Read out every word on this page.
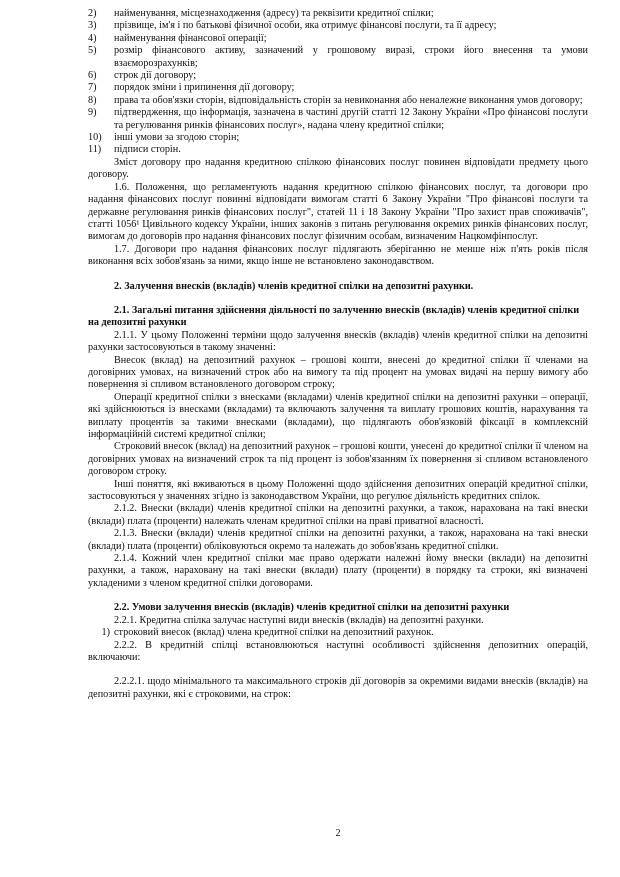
2)	найменування, місцезнаходження (адресу) та реквізити кредитної спілки;
3)	прізвище, ім'я і по батькові фізичної особи, яка отримує фінансові послуги, та її адресу;
4)	найменування фінансової операції;
5)	розмір фінансового активу, зазначений у грошовому виразі, строки його внесення та умови взаєморозрахунків;
6)	строк дії договору;
7)	порядок зміни і припинення дії договору;
8)	права та обов'язки сторін, відповідальність сторін за невиконання або неналежне виконання умов договору;
9)	підтвердження, що інформація, зазначена в частині другій статті 12 Закону України «Про фінансові послуги та регулювання ринків фінансових послуг», надана члену кредитної спілки;
10)	інші умови за згодою сторін;
11)	підписи сторін.

Зміст договору про надання кредитною спілкою фінансових послуг повинен відповідати предмету цього договору.

1.6. Положення, що регламентують надання кредитною спілкою фінансових послуг, та договори про надання фінансових послуг повинні відповідати вимогам статті 6 Закону України "Про фінансові послуги та державне регулювання ринків фінансових послуг", статей 11 і 18 Закону України "Про захист прав споживачів", статті 1056¹ Цивільного кодексу України, інших законів з питань регулювання окремих ринків фінансових послуг, вимогам до договорів про надання фінансових послуг фізичним особам, визначеним Нацкомфінпослуг.

1.7. Договори про надання фінансових послуг підлягають зберіганню не менше ніж п'ять років після виконання всіх зобов'язань за ними, якщо інше не встановлено законодавством.

2. Залучення внесків (вкладів) членів кредитної спілки на депозитні рахунки.
2.1. Загальні питання здійснення діяльності по залученню внесків (вкладів) членів кредитної спілки на депозитні рахунки

2.1.1. У цьому Положенні терміни щодо залучення внесків (вкладів) членів кредитної спілки на депозитні рахунки застосовуються в такому значенні:

Внесок (вклад) на депозитний рахунок – грошові кошти, внесені до кредитної спілки її членами на договірних умовах, на визначений строк або на вимогу та під процент на умовах видачі на першу вимогу або повернення зі спливом встановленого договором строку;

Операції кредитної спілки з внесками (вкладами) членів кредитної спілки на депозитні рахунки – операції, які здійснюються із внесками (вкладами) та включають залучення та виплату грошових коштів, нарахування та виплату процентів за такими внесками (вкладами), що підлягають обов'язковій фіксації в комплексній інформаційній системі кредитної спілки;

Строковий внесок (вклад) на депозитний рахунок – грошові кошти, унесені до кредитної спілки її членом на договірних умовах на визначений строк та під процент із зобов'язанням їх повернення зі спливом встановленого договором строку.

Інші поняття, які вживаються в цьому Положенні щодо здійснення депозитних операцій кредитної спілки, застосовуються у значеннях згідно із законодавством України, що регулює діяльність кредитних спілок.

2.1.2. Внески (вклади) членів кредитної спілки на депозитні рахунки, а також, нарахована на такі внески (вклади) плата (проценти) належать членам кредитної спілки на праві приватної власності.

2.1.3. Внески (вклади) членів кредитної спілки на депозитні рахунки, а також, нарахована на такі внески (вклади) плата (проценти) обліковуються окремо та належать до зобов'язань кредитної спілки.

2.1.4. Кожний член кредитної спілки має право одержати належні йому внески (вклади) на депозитні рахунки, а також, нараховану на такі внески (вклади) плату (проценти) в порядку та строки, які визначені укладеними з членом кредитної спілки договорами.

2.2. Умови залучення внесків (вкладів) членів кредитної спілки на депозитні рахунки

2.2.1. Кредитна спілка залучає наступні види внесків (вкладів) на депозитні рахунки.

1) строковий внесок (вклад) члена кредитної спілки на депозитний рахунок.

2.2.2. В кредитній спілці встановлюються наступні особливості здійснення депозитних операцій, включаючи:

2.2.2.1. щодо мінімального та максимального строків дії договорів за окремими видами внесків (вкладів) на депозитні рахунки, які є строковими, на строк:

2
